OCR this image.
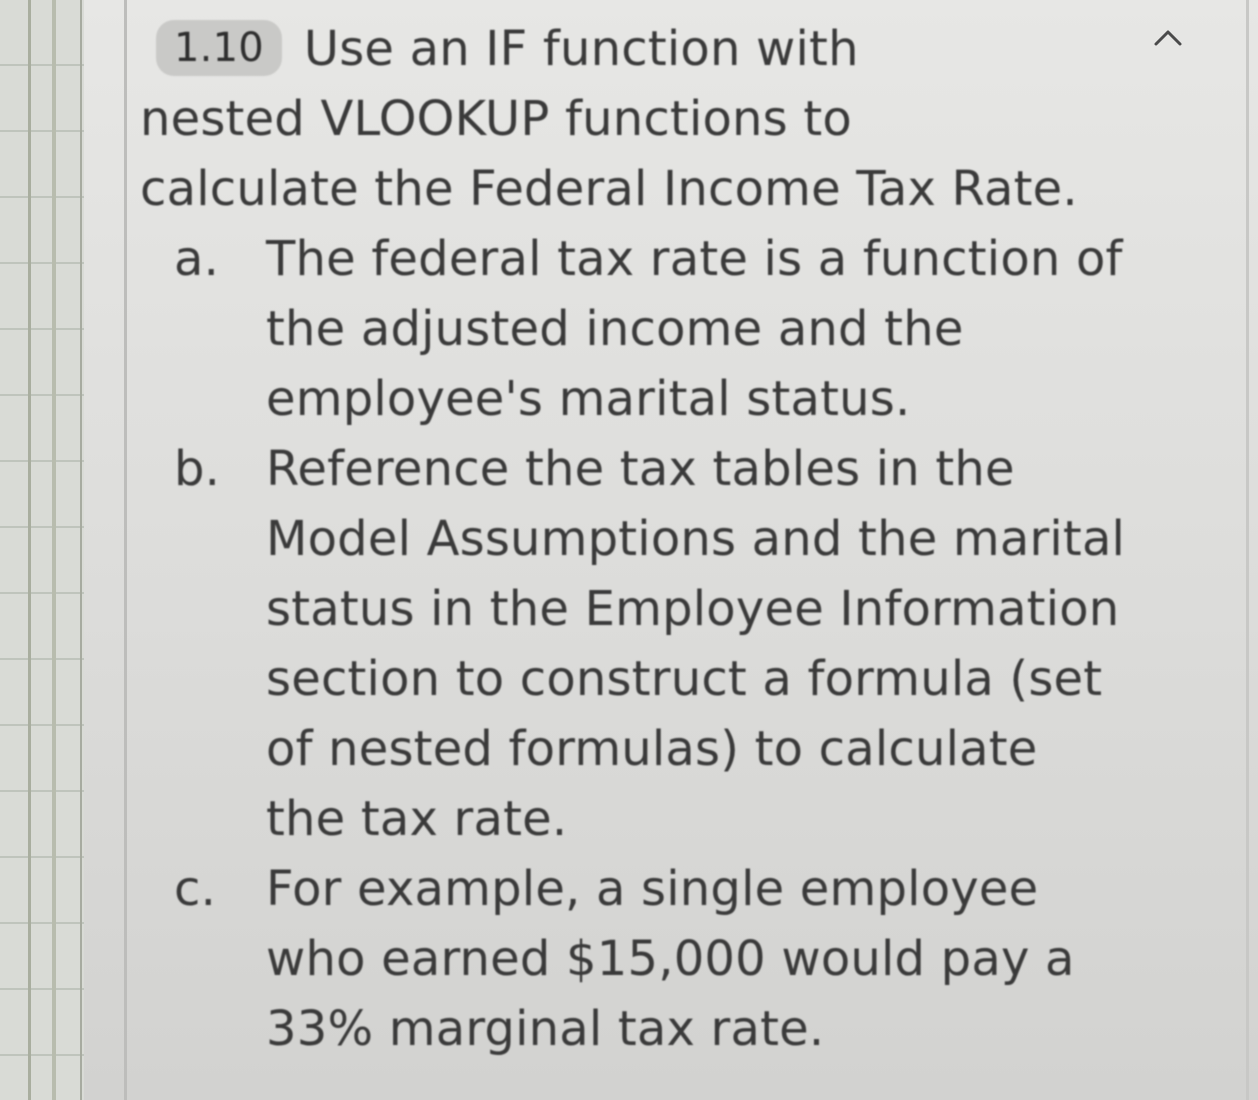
1.10 Use an IF function with
nested VLOOKUP functions to
calculate the Federal Income Tax Rate.
a. The federal tax rate is a function of
the adjusted income and the
employee's marital status.
b. Reference the tax tables in the
Model Assumptions and the marital
status in the Employee Information
section to construct a formula (set
of nested formulas) to calculate
the tax rate.
c.	For example, a single employee
who earned $15,000 would pay a
33% marginal tax rate.
